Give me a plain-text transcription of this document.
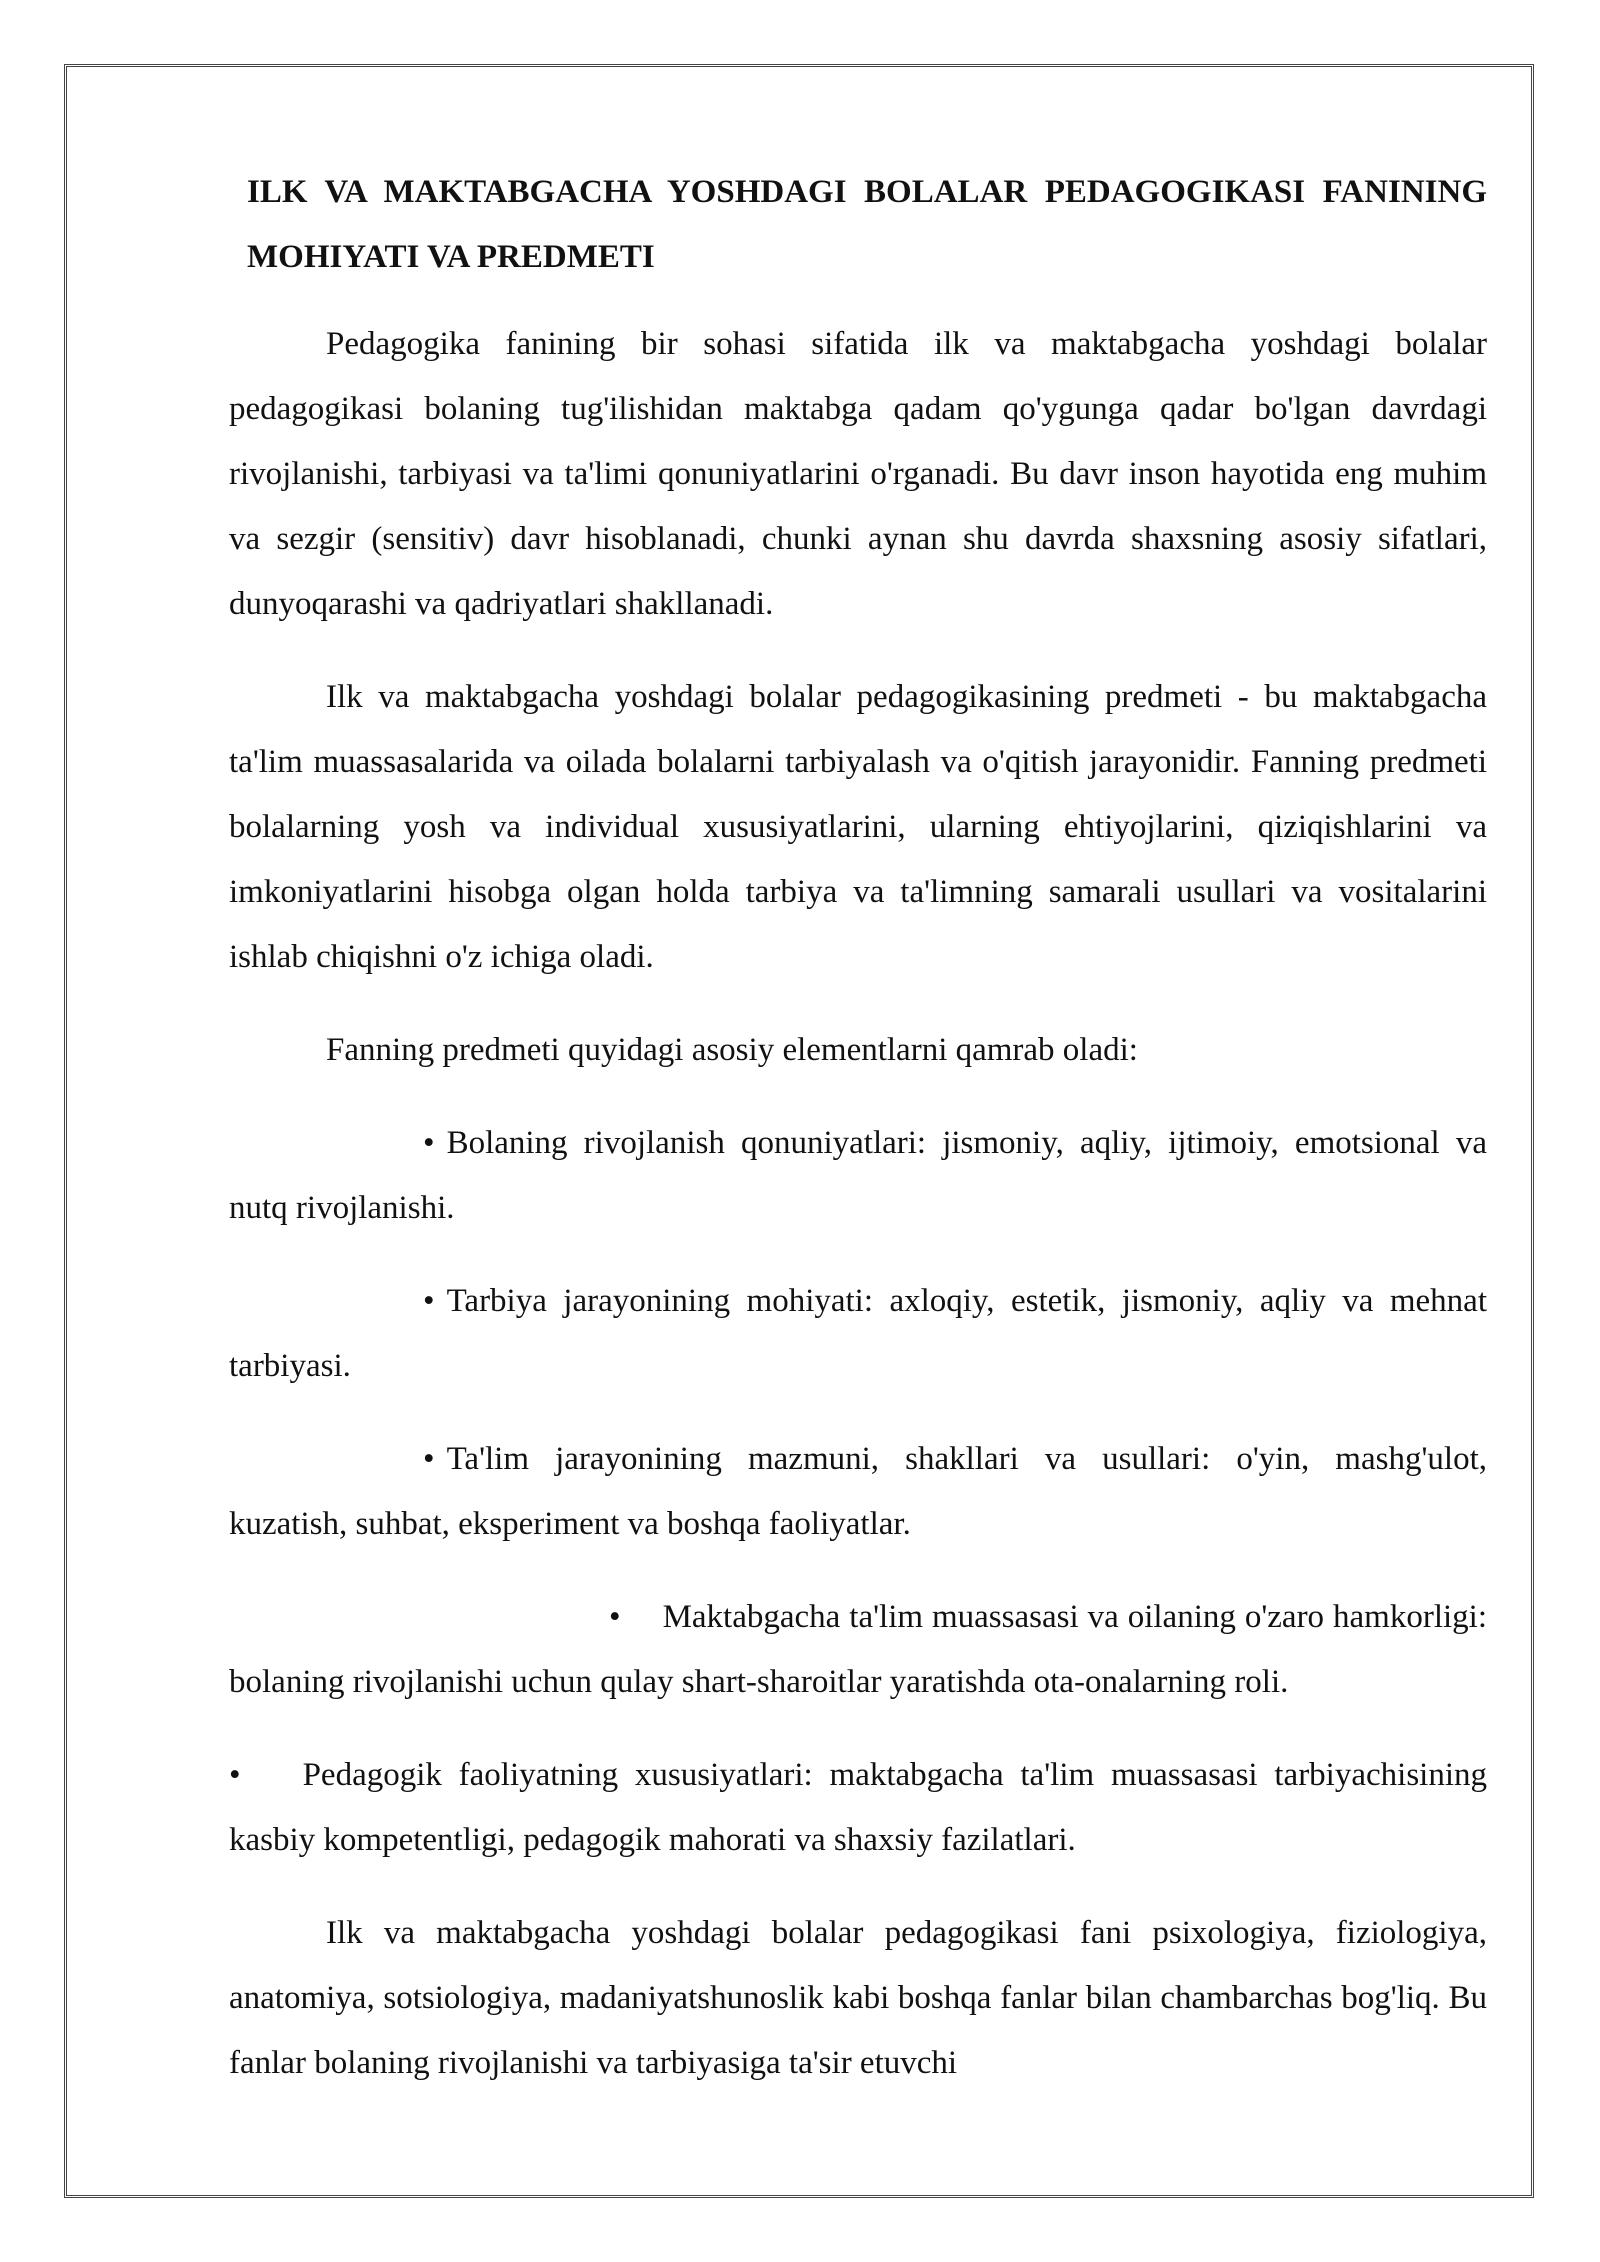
ILK VA MAKTABGACHA YOSHDAGI BOLALAR PEDAGOGIKASI FANINING MOHIYATI VA PREDMETI

Pedagogika fanining bir sohasi sifatida ilk va maktabgacha yoshdagi bolalar pedagogikasi bolaning tug'ilishidan maktabga qadam qo'ygunga qadar bo'lgan davrdagi rivojlanishi, tarbiyasi va ta'limi qonuniyatlarini o'rganadi. Bu davr inson hayotida eng muhim va sezgir (sensitiv) davr hisoblanadi, chunki aynan shu davrda shaxsning asosiy sifatlari, dunyoqarashi va qadriyatlari shakllanadi.

Ilk va maktabgacha yoshdagi bolalar pedagogikasining predmeti - bu maktabgacha ta'lim muassasalarida va oilada bolalarni tarbiyalash va o'qitish jarayonidir. Fanning predmeti bolalarning yosh va individual xususiyatlarini, ularning ehtiyojlarini, qiziqishlarini va imkoniyatlarini hisobga olgan holda tarbiya va ta'limning samarali usullari va vositalarini ishlab chiqishni o'z ichiga oladi.

Fanning predmeti quyidagi asosiy elementlarni qamrab oladi:

• Bolaning rivojlanish qonuniyatlari: jismoniy, aqliy, ijtimoiy, emotsional va nutq rivojlanishi.

• Tarbiya jarayonining mohiyati: axloqiy, estetik, jismoniy, aqliy va mehnat tarbiyasi.

• Ta'lim jarayonining mazmuni, shakllari va usullari: o'yin, mashg'ulot, kuzatish, suhbat, eksperiment va boshqa faoliyatlar.

• Maktabgacha ta'lim muassasasi va oilaning o'zaro hamkorligi: bolaning rivojlanishi uchun qulay shart-sharoitlar yaratishda ota-onalarning roli.

• Pedagogik faoliyatning xususiyatlari: maktabgacha ta'lim muassasasi tarbiyachisining kasbiy kompetentligi, pedagogik mahorati va shaxsiy fazilatlari.

Ilk va maktabgacha yoshdagi bolalar pedagogikasi fani psixologiya, fiziologiya, anatomiya, sotsiologiya, madaniyatshunoslik kabi boshqa fanlar bilan chambarchas bog'liq. Bu fanlar bolaning rivojlanishi va tarbiyasiga ta'sir etuvchi
